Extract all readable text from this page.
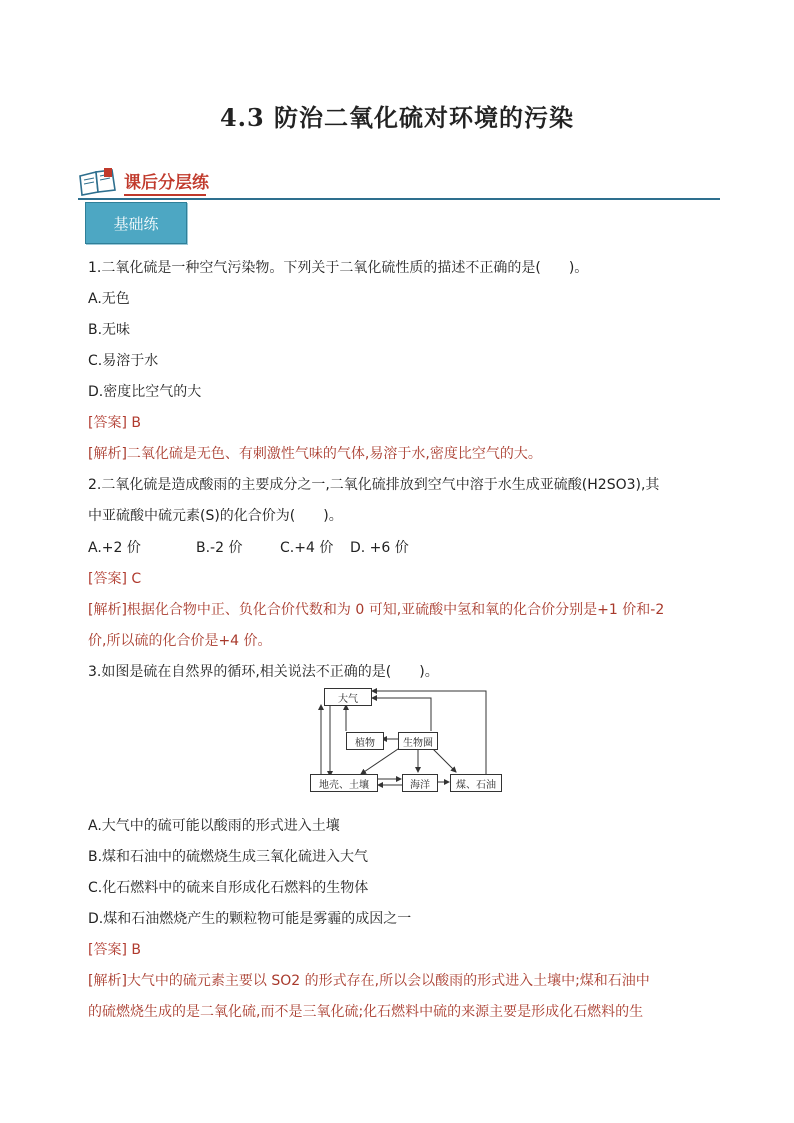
4.3 防治二氧化硫对环境的污染
课后分层练
基础练
1.二氧化硫是一种空气污染物。下列关于二氧化硫性质的描述不正确的是(　　)。
A.无色
B.无味
C.易溶于水
D.密度比空气的大
[答案] B
[解析]二氧化硫是无色、有刺激性气味的气体,易溶于水,密度比空气的大。
2.二氧化硫是造成酸雨的主要成分之一,二氧化硫排放到空气中溶于水生成亚硫酸(H2SO3),其
中亚硫酸中硫元素(S)的化合价为(　　)。
A.+2 价	B.-2 价	C.+4 价 D. +6 价
[答案] C
[解析]根据化合物中正、负化合价代数和为 0 可知,亚硫酸中氢和氧的化合价分别是+1 价和-2
价,所以硫的化合价是+4 价。
3.如图是硫在自然界的循环,相关说法不正确的是(　　)。
大气
植物	生物圈
地壳、土壤	海洋	煤、石油
A.大气中的硫可能以酸雨的形式进入土壤
B.煤和石油中的硫燃烧生成三氧化硫进入大气
C.化石燃料中的硫来自形成化石燃料的生物体
D.煤和石油燃烧产生的颗粒物可能是雾霾的成因之一
[答案] B
[解析]大气中的硫元素主要以 SO2 的形式存在,所以会以酸雨的形式进入土壤中;煤和石油中
的硫燃烧生成的是二氧化硫,而不是三氧化硫;化石燃料中硫的来源主要是形成化石燃料的生
